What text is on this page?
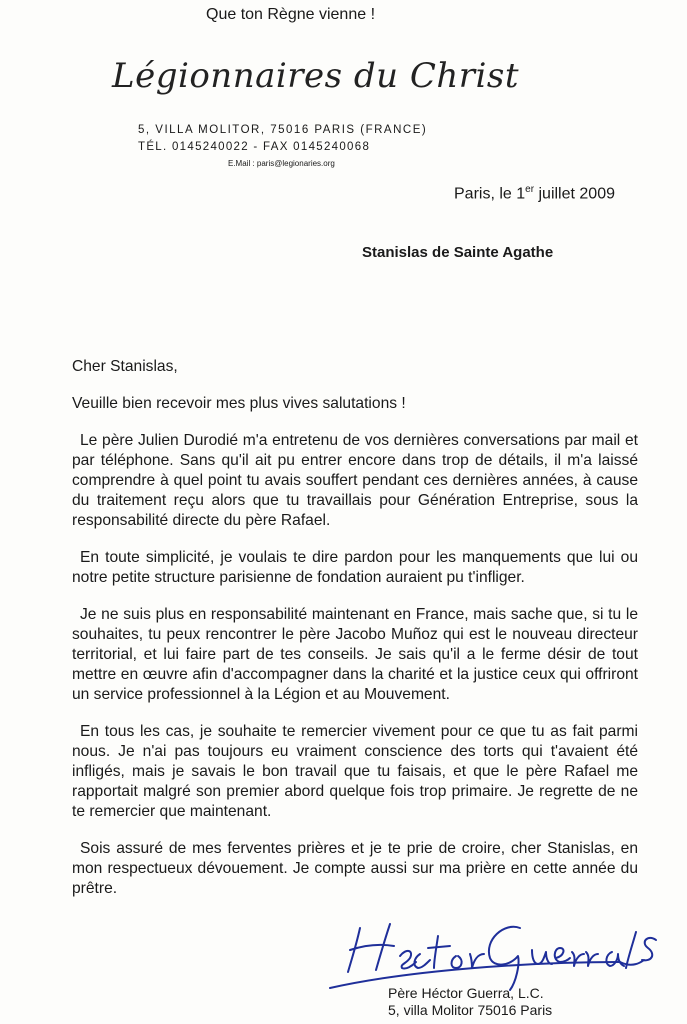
Que ton Règne vienne !
Légionnaires du Christ
5, VILLA MOLITOR, 75016 PARIS (FRANCE)
TÉL. 0145240022 - FAX 0145240068
E.Mail : paris@legionaries.org
Paris, le 1er juillet 2009
Stanislas de Sainte Agathe

Cher Stanislas,

Veuille bien recevoir mes plus vives salutations !

Le père Julien Durodié m'a entretenu de vos dernières conversations par mail et par téléphone. Sans qu'il ait pu entrer encore dans trop de détails, il m'a laissé comprendre à quel point tu avais souffert pendant ces dernières années, à cause du traitement reçu alors que tu travaillais pour Génération Entreprise, sous la responsabilité directe du père Rafael.

En toute simplicité, je voulais te dire pardon pour les manquements que lui ou notre petite structure parisienne de fondation auraient pu t'infliger.

Je ne suis plus en responsabilité maintenant en France, mais sache que, si tu le souhaites, tu peux rencontrer le père Jacobo Muñoz qui est le nouveau directeur territorial, et lui faire part de tes conseils. Je sais qu'il a le ferme désir de tout mettre en œuvre afin d'accompagner dans la charité et la justice ceux qui offriront un service professionnel à la Légion et au Mouvement.

En tous les cas, je souhaite te remercier vivement pour ce que tu as fait parmi nous. Je n'ai pas toujours eu vraiment conscience des torts qui t'avaient été infligés, mais je savais le bon travail que tu faisais, et que le père Rafael me rapportait malgré son premier abord quelque fois trop primaire. Je regrette de ne te remercier que maintenant.

Sois assuré de mes ferventes prières et je te prie de croire, cher Stanislas, en mon respectueux dévouement. Je compte aussi sur ma prière en cette année du prêtre.

Père Héctor Guerra, L.C.
5, villa Molitor 75016 Paris
